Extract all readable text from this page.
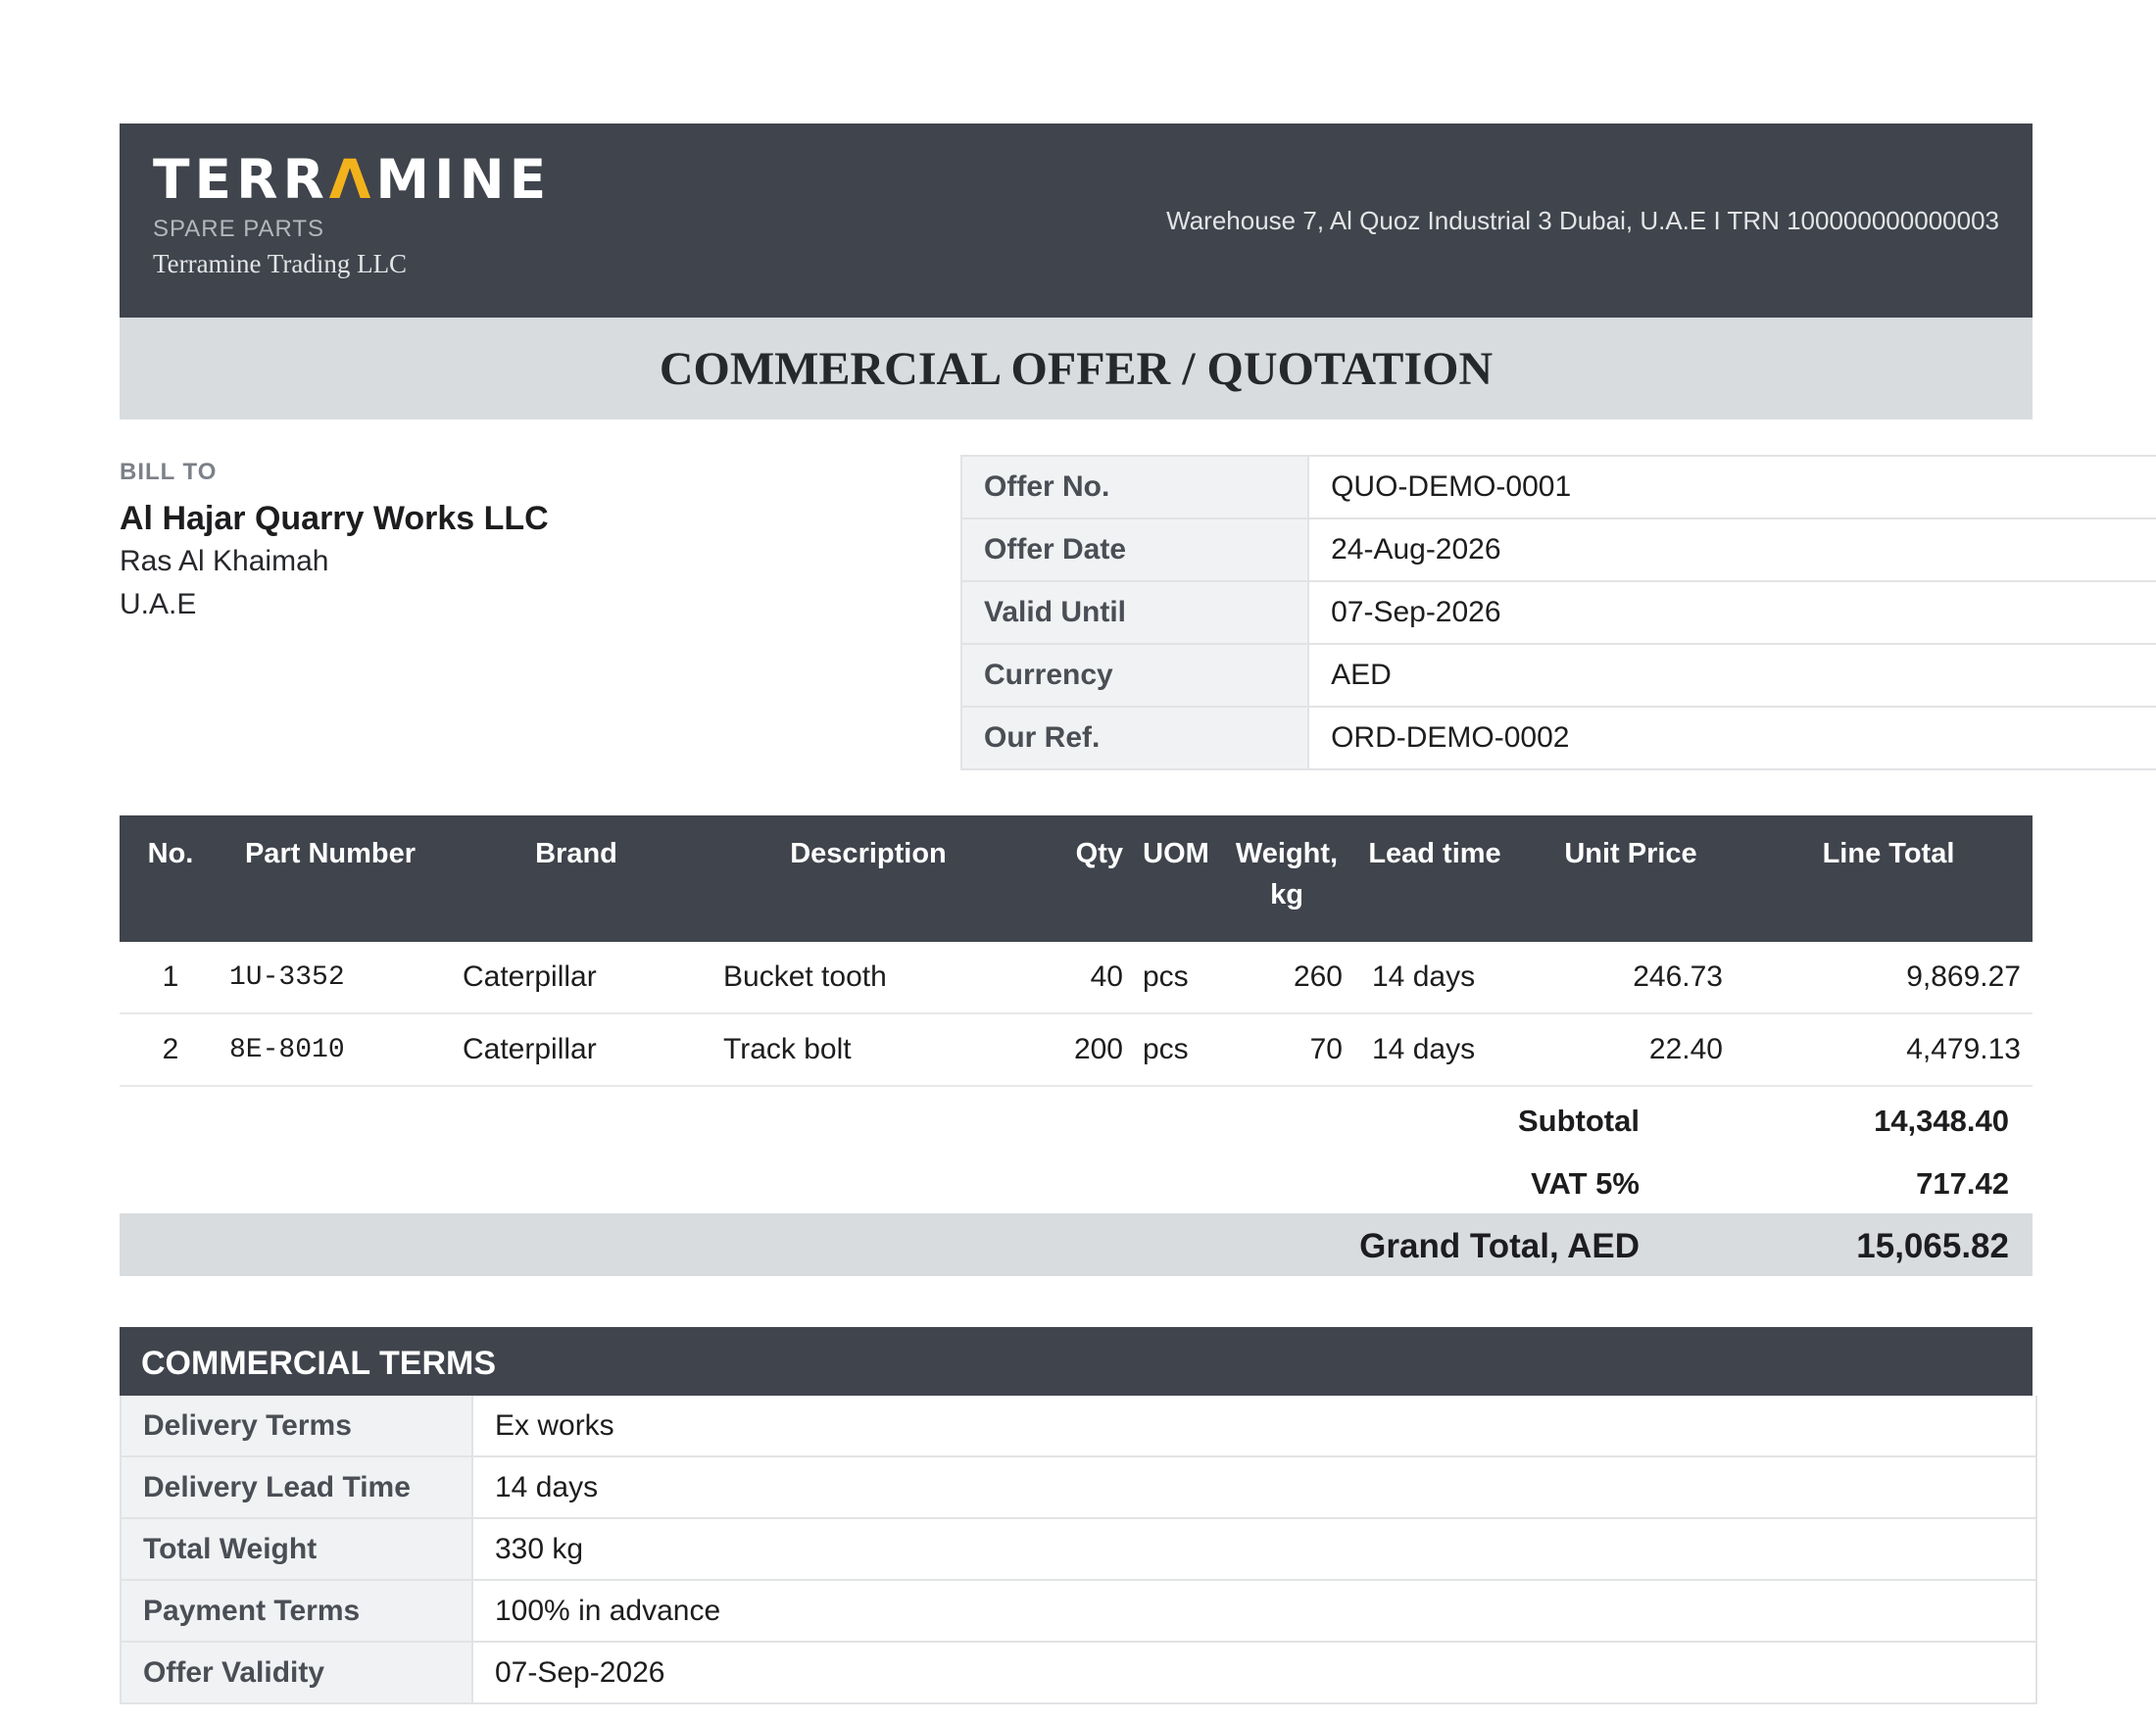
TERRΛMINE
SPARE PARTS
Terramine Trading LLC
Warehouse 7, Al Quoz Industrial 3 Dubai, U.A.E I TRN 100000000000003
COMMERCIAL OFFER / QUOTATION
BILL TO
Al Hajar Quarry Works LLC
Ras Al Khaimah
U.A.E
Offer No.	QUO-DEMO-0001
Offer Date	24-Aug-2026
Valid Until	07-Sep-2026
Currency	AED
Our Ref.	ORD-DEMO-0002
No.	Part Number	Brand	Description	Qty	UOM	Weight, kg	Lead time	Unit Price	Line Total
1	1U-3352	Caterpillar	Bucket tooth	40	pcs	260	14 days	246.73	9,869.27
2	8E-8010	Caterpillar	Track bolt	200	pcs	70	14 days	22.40	4,479.13
Subtotal	14,348.40
VAT 5%	717.42
Grand Total, AED	15,065.82
COMMERCIAL TERMS
Delivery Terms	Ex works
Delivery Lead Time	14 days
Total Weight	330 kg
Payment Terms	100% in advance
Offer Validity	07-Sep-2026
